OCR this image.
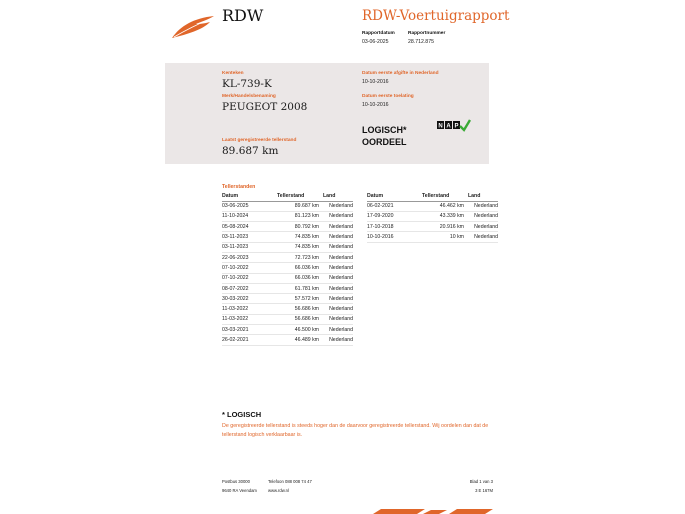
RDW	RDW-Voertuigrapport
Rapportdatum
03-06-2025
Rapportnummer
28.712.875
Kenteken
KL-739-K
Merk/Handelsbenaming
PEUGEOT 2008
Laatst geregistreerde tellerstand
89.687 km
Datum eerste afgifte in Nederland
10-10-2016
Datum eerste toelating
10-10-2016
LOGISCH*
OORDEEL
N A P
Tellerstanden
Datum	Tellerstand	Land
03-06-2025	89.687 km	Nederland
11-10-2024	81.123 km	Nederland
05-08-2024	80.792 km	Nederland
03-11-2023	74.835 km	Nederland
03-11-2023	74.835 km	Nederland
22-06-2023	72.723 km	Nederland
07-10-2022	66.036 km	Nederland
07-10-2022	66.036 km	Nederland
08-07-2022	61.781 km	Nederland
30-03-2022	57.572 km	Nederland
11-03-2022	56.686 km	Nederland
11-03-2022	56.686 km	Nederland
03-03-2021	46.500 km	Nederland
26-02-2021	46.489 km	Nederland
Datum	Tellerstand	Land
06-02-2021	46.462 km	Nederland
17-09-2020	43.339 km	Nederland
17-10-2018	20.916 km	Nederland
10-10-2016	10 km	Nederland
* LOGISCH
De geregistreerde tellerstand is steeds hoger dan de daarvoor geregistreerde tellerstand. Wij oordelen dan dat de tellerstand logisch verklaarbaar is.
Postbus 30000
9640 RA Veendam
Telefoon 088 008 74 47
www.rdw.nl
Blad 1 van 3
3 E 167M
